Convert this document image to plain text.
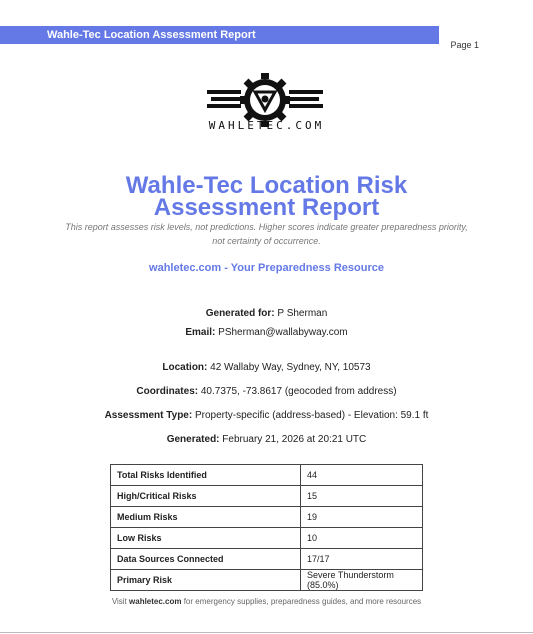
Wahle-Tec Location Assessment Report
Page 1
WAHLETEC.COM
Wahle-Tec Location Risk
Assessment Report
This report assesses risk levels, not predictions. Higher scores indicate greater preparedness priority, not certainty of occurrence.
wahletec.com - Your Preparedness Resource
Generated for: P Sherman
Email: PSherman@wallabyway.com
Location: 42 Wallaby Way, Sydney, NY, 10573
Coordinates: 40.7375, -73.8617 (geocoded from address)
Assessment Type: Property-specific (address-based) - Elevation: 59.1 ft
Generated: February 21, 2026 at 20:21 UTC
Total Risks Identified	44
High/Critical Risks	15
Medium Risks	19
Low Risks	10
Data Sources Connected	17/17
Primary Risk	Severe Thunderstorm (85.0%)
Visit wahletec.com for emergency supplies, preparedness guides, and more resources
